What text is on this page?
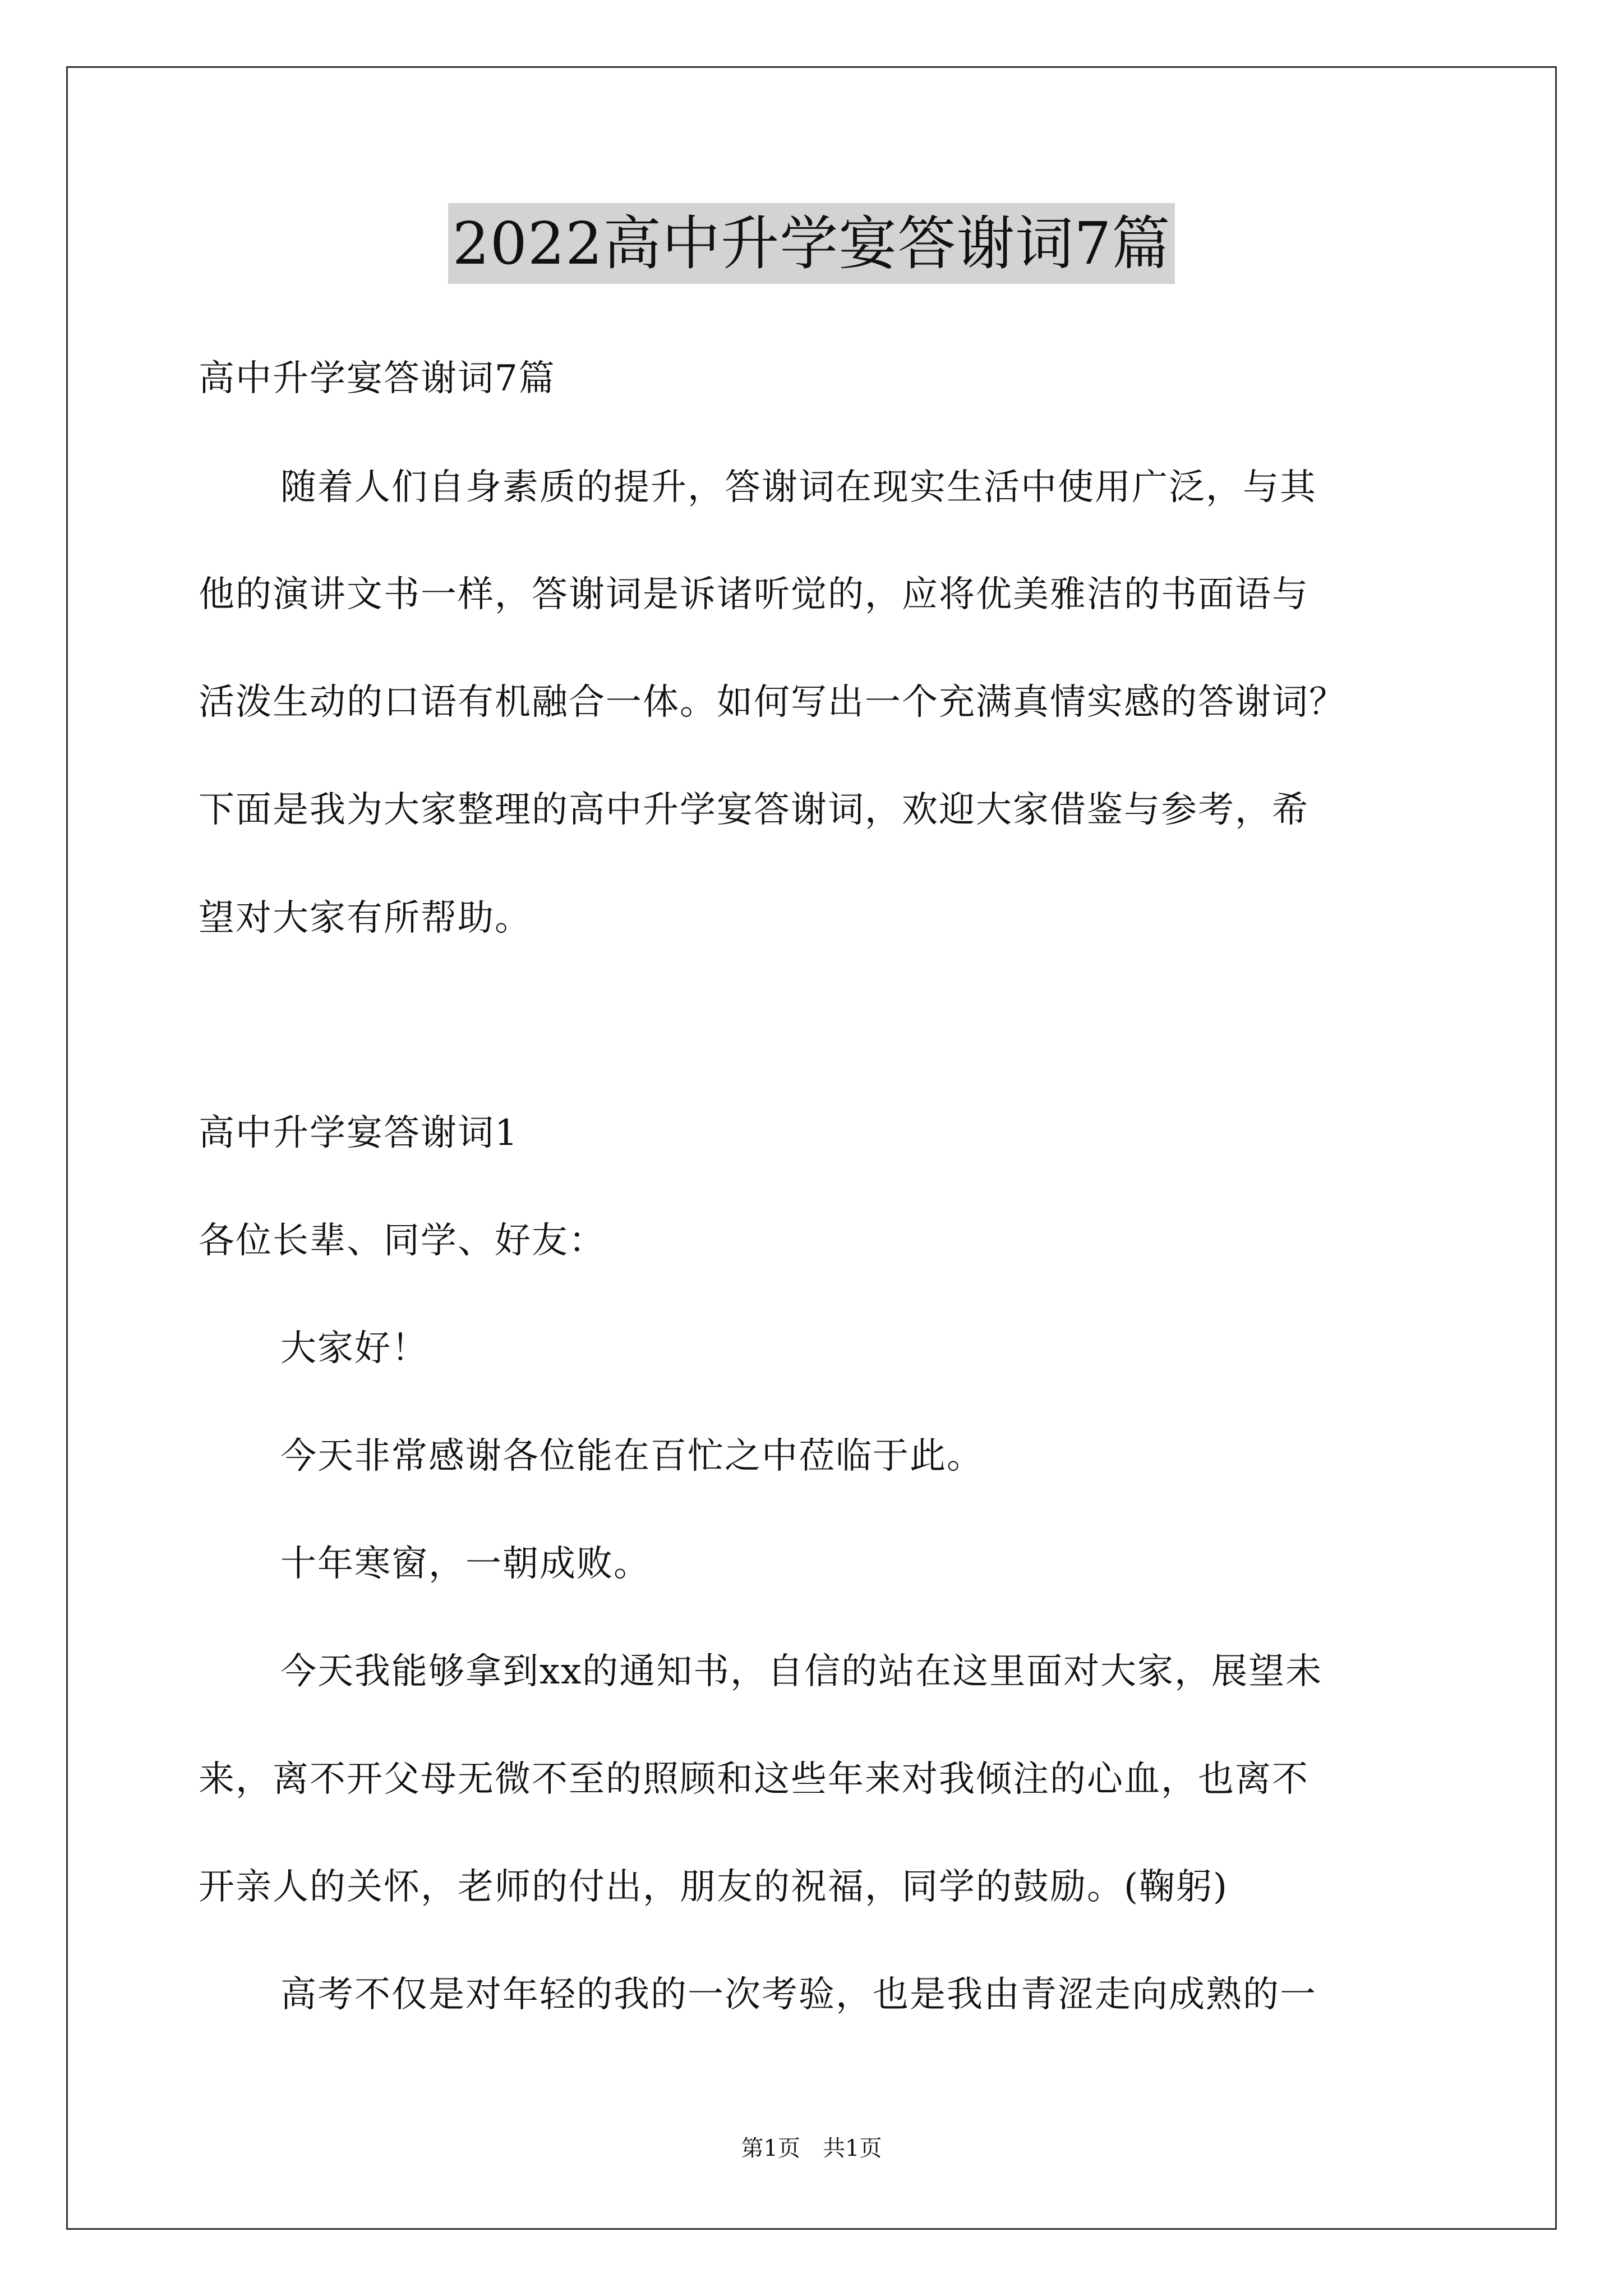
2022高中升学宴答谢词7篇
高中升学宴答谢词7篇
随着人们自身素质的提升，答谢词在现实生活中使用广泛，与其
他的演讲文书一样，答谢词是诉诸听觉的，应将优美雅洁的书面语与
活泼生动的口语有机融合一体。如何写出一个充满真情实感的答谢词？
下面是我为大家整理的高中升学宴答谢词，欢迎大家借鉴与参考，希
望对大家有所帮助。
高中升学宴答谢词1
各位长辈、同学、好友：
大家好！
今天非常感谢各位能在百忙之中莅临于此。
十年寒窗，一朝成败。
今天我能够拿到xx的通知书，自信的站在这里面对大家，展望未
来，离不开父母无微不至的照顾和这些年来对我倾注的心血，也离不
开亲人的关怀，老师的付出，朋友的祝福，同学的鼓励。(鞠躬)
高考不仅是对年轻的我的一次考验，也是我由青涩走向成熟的一
第1页　共1页
